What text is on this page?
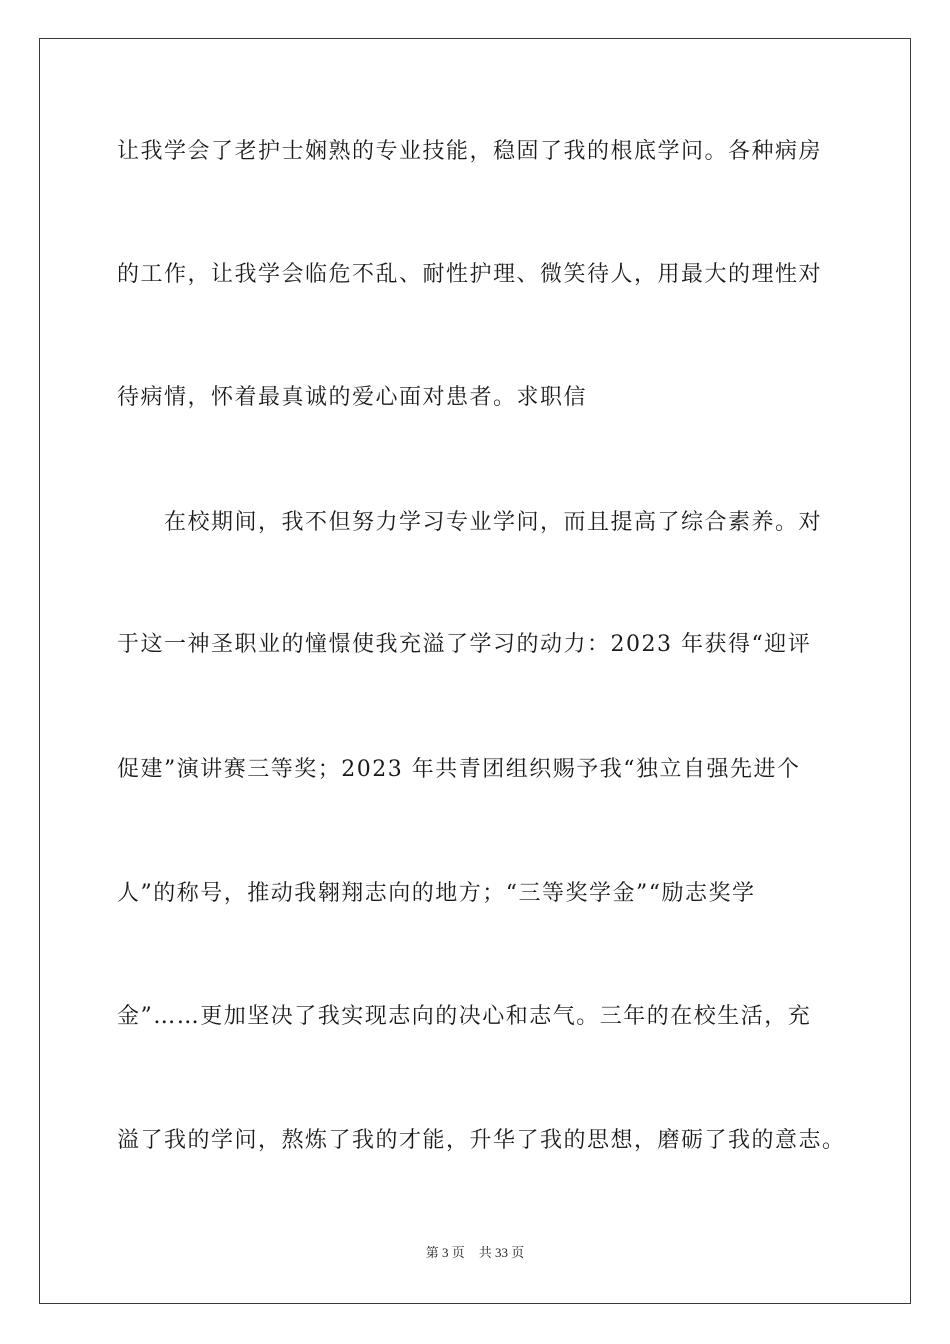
让我学会了老护士娴熟的专业技能，稳固了我的根底学问。各种病房
的工作，让我学会临危不乱、耐性护理、微笑待人，用最大的理性对
待病情，怀着最真诚的爱心面对患者。求职信
在校期间，我不但努力学习专业学问，而且提高了综合素养。对
于这一神圣职业的憧憬使我充溢了学习的动力：2023 年获得“迎评
促建”演讲赛三等奖；2023 年共青团组织赐予我“独立自强先进个
人”的称号，推动我翱翔志向的地方；“三等奖学金”“励志奖学
金”……更加坚决了我实现志向的决心和志气。三年的在校生活，充
溢了我的学问，熬炼了我的才能，升华了我的思想，磨砺了我的意志。
第 3 页 共 33 页
